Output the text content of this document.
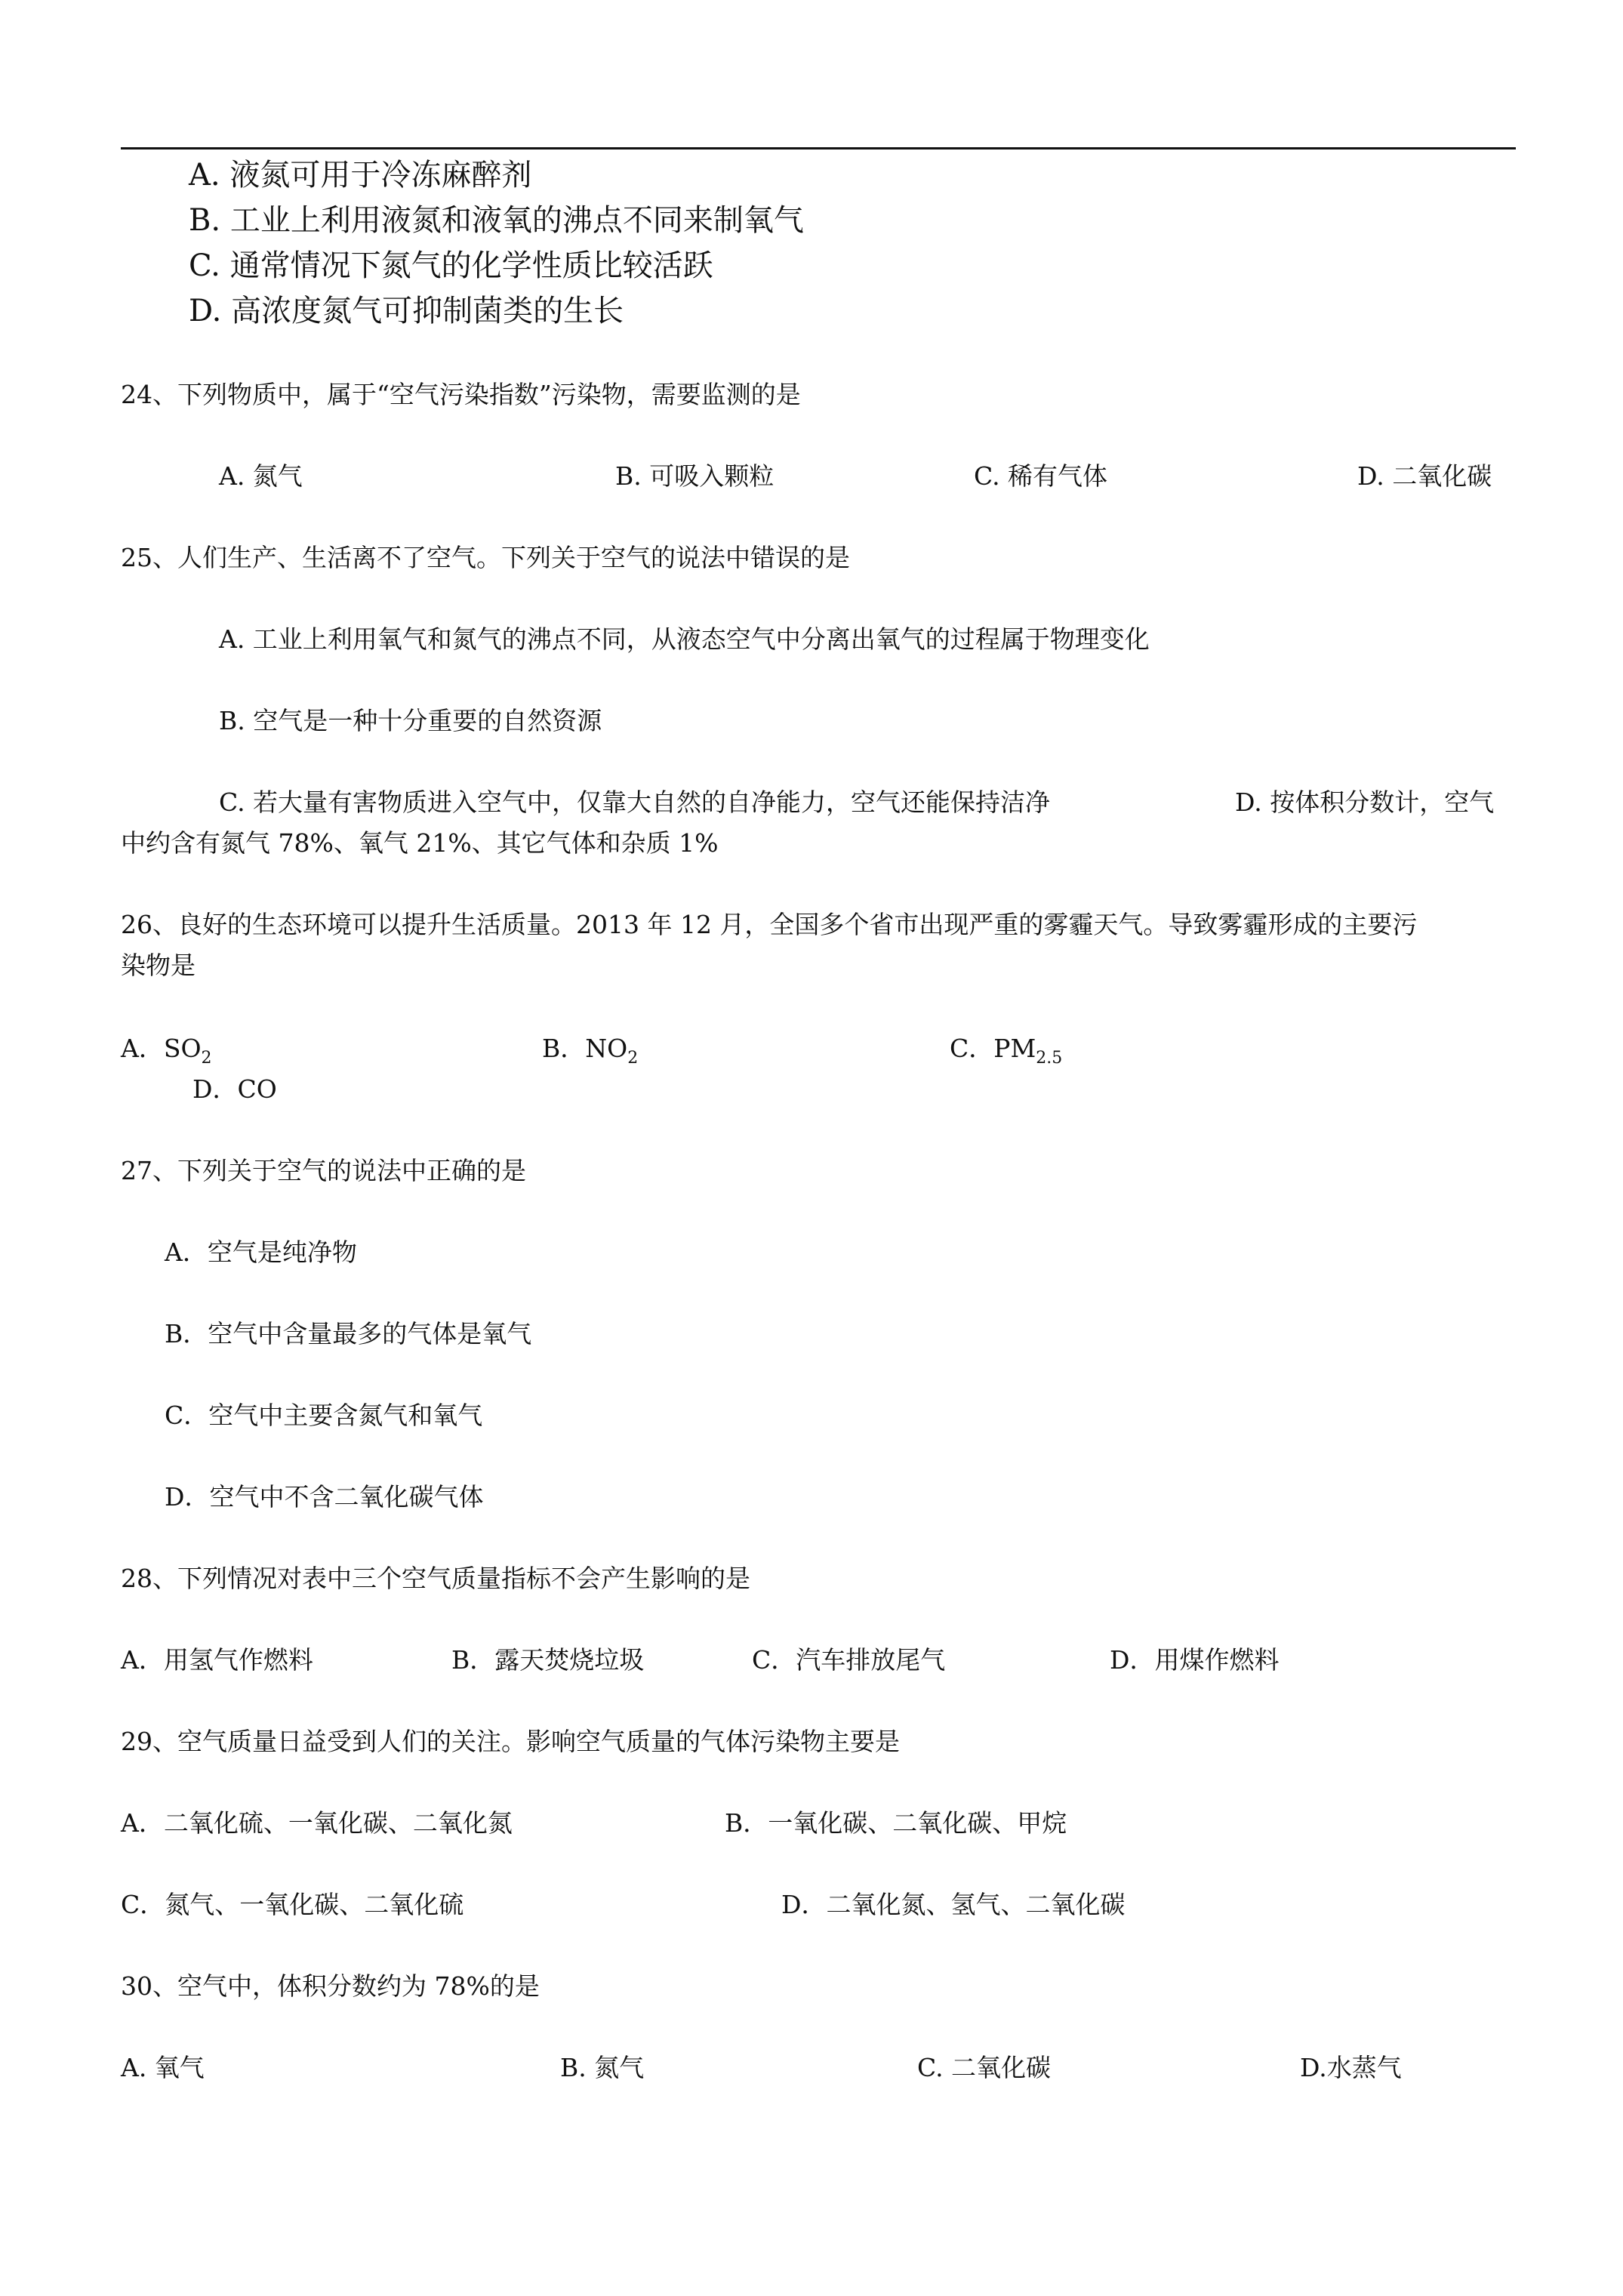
A. 液氮可用于冷冻麻醉剂
B. 工业上利用液氮和液氧的沸点不同来制氧气
C. 通常情况下氮气的化学性质比较活跃
D. 高浓度氮气可抑制菌类的生长
24、下列物质中，属于“空气污染指数”污染物，需要监测的是
A. 氮气	B. 可吸入颗粒	C. 稀有气体	D. 二氧化碳
25、人们生产、生活离不了空气。下列关于空气的说法中错误的是
A. 工业上利用氧气和氮气的沸点不同，从液态空气中分离出氧气的过程属于物理变化
B. 空气是一种十分重要的自然资源
C. 若大量有害物质进入空气中，仅靠大自然的自净能力，空气还能保持洁净	D. 按体积分数计，空气
中约含有氮气 78%、氧气 21%、其它气体和杂质 1%
26、良好的生态环境可以提升生活质量。2013 年 12 月，全国多个省市出现严重的雾霾天气。导致雾霾形成的主要污
染物是
A．$SO_2$	B．$NO_2$	C．$PM_{2.5}$
D．CO
27、下列关于空气的说法中正确的是
A．空气是纯净物
B．空气中含量最多的气体是氧气
C．空气中主要含氮气和氧气
D．空气中不含二氧化碳气体
28、下列情况对表中三个空气质量指标不会产生影响的是
A．用氢气作燃料	B．露天焚烧垃圾	C．汽车排放尾气	D．用煤作燃料
29、空气质量日益受到人们的关注。影响空气质量的气体污染物主要是
A．二氧化硫、一氧化碳、二氧化氮	B．一氧化碳、二氧化碳、甲烷
C．氮气、一氧化碳、二氧化硫	D．二氧化氮、氢气、二氧化碳
30、空气中，体积分数约为 78%的是
A. 氧气	B. 氮气	C. 二氧化碳	D.水蒸气
